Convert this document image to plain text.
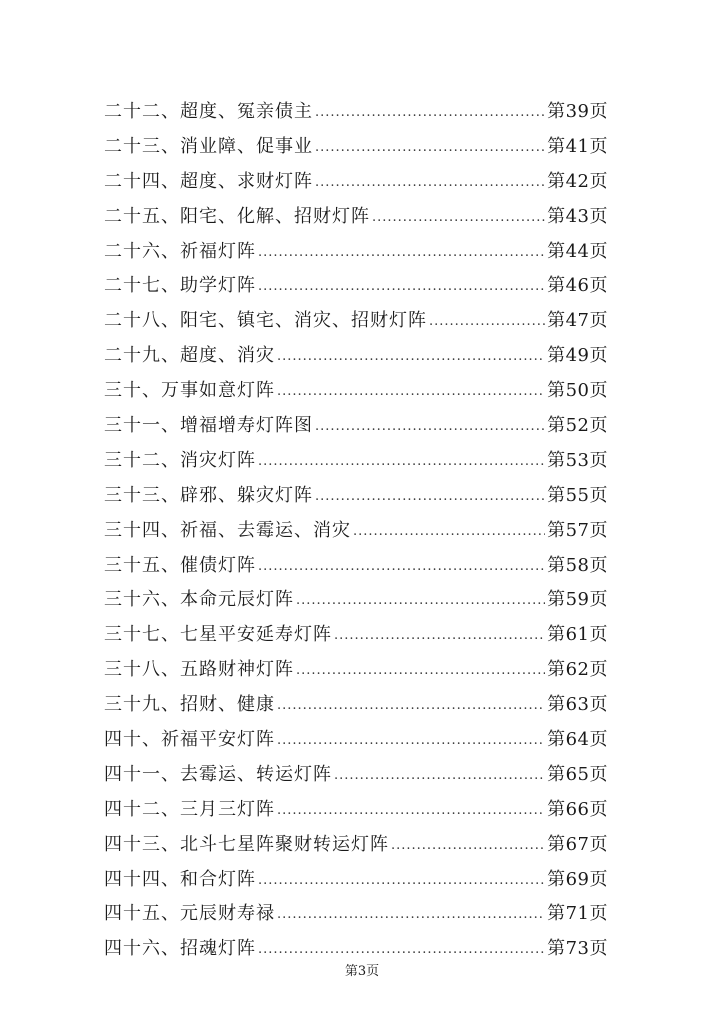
二十二、超度、冤亲债主 .....	第39页
二十三、消业障、促事业 .....	第41页
二十四、超度、求财灯阵 .....	第42页
二十五、阳宅、化解、招财灯阵 .....	第43页
二十六、祈福灯阵 .....	第44页
二十七、助学灯阵 .....	第46页
二十八、阳宅、镇宅、消灾、招财灯阵 .....	第47页
二十九、超度、消灾 .....	第49页
三十、万事如意灯阵 .....	第50页
三十一、增福增寿灯阵图 .....	第52页
三十二、消灾灯阵 .....	第53页
三十三、辟邪、躲灾灯阵 .....	第55页
三十四、祈福、去霉运、消灾 .....	第57页
三十五、催债灯阵 .....	第58页
三十六、本命元辰灯阵 .....	第59页
三十七、七星平安延寿灯阵 .....	第61页
三十八、五路财神灯阵 .....	第62页
三十九、招财、健康 .....	第63页
四十、祈福平安灯阵 .....	第64页
四十一、去霉运、转运灯阵 .....	第65页
四十二、三月三灯阵 .....	第66页
四十三、北斗七星阵聚财转运灯阵 .....	第67页
四十四、和合灯阵 .....	第69页
四十五、元辰财寿禄 .....	第71页
四十六、招魂灯阵 .....	第73页
第3页
